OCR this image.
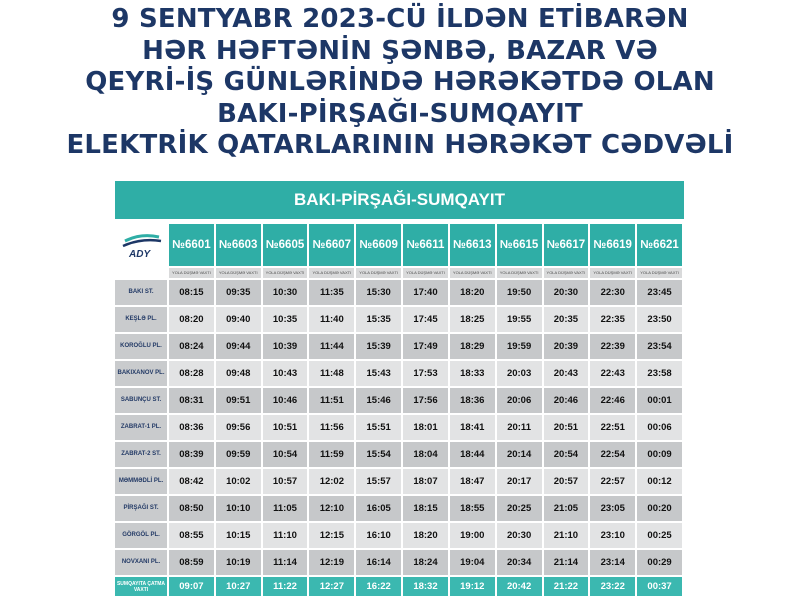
9 SENTYABR 2023-CÜ İLDƏN ETİBARƏN
HƏR HƏFTƏNİN ŞƏNBƏ, BAZAR VƏ
QEYRİ-İŞ GÜNLƏRİNDƏ HƏRƏKƏTDƏ OLAN
BAKI-PİRŞAĞI-SUMQAYIT
ELEKTRİK QATARLARININ HƏRƏKƏT CƏDVƏLİ
BAKI-PİRŞAĞI-SUMQAYIT
ADY	№6601	№6603	№6605	№6607	№6609	№6611	№6613	№6615	№6617	№6619	№6621
	YOLA DÜŞMƏ VAXTI	YOLA DÜŞMƏ VAXTI	YOLA DÜŞMƏ VAXTI	YOLA DÜŞMƏ VAXTI	YOLA DÜŞMƏ VAXTI	YOLA DÜŞMƏ VAXTI	YOLA DÜŞMƏ VAXTI	YOLA DÜŞMƏ VAXTI	YOLA DÜŞMƏ VAXTI	YOLA DÜŞMƏ VAXTI	YOLA DÜŞMƏ VAXTI
BAKI ST.	08:15	09:35	10:30	11:35	15:30	17:40	18:20	19:50	20:30	22:30	23:45
KEŞLƏ PL.	08:20	09:40	10:35	11:40	15:35	17:45	18:25	19:55	20:35	22:35	23:50
KOROĞLU PL.	08:24	09:44	10:39	11:44	15:39	17:49	18:29	19:59	20:39	22:39	23:54
BAKIXANOV PL.	08:28	09:48	10:43	11:48	15:43	17:53	18:33	20:03	20:43	22:43	23:58
SABUNÇU ST.	08:31	09:51	10:46	11:51	15:46	17:56	18:36	20:06	20:46	22:46	00:01
ZABRAT-1 PL.	08:36	09:56	10:51	11:56	15:51	18:01	18:41	20:11	20:51	22:51	00:06
ZABRAT-2 ST.	08:39	09:59	10:54	11:59	15:54	18:04	18:44	20:14	20:54	22:54	00:09
MƏMMƏDLİ PL.	08:42	10:02	10:57	12:02	15:57	18:07	18:47	20:17	20:57	22:57	00:12
PİRŞAĞI ST.	08:50	10:10	11:05	12:10	16:05	18:15	18:55	20:25	21:05	23:05	00:20
GÖRGÖL PL.	08:55	10:15	11:10	12:15	16:10	18:20	19:00	20:30	21:10	23:10	00:25
NOVXANI PL.	08:59	10:19	11:14	12:19	16:14	18:24	19:04	20:34	21:14	23:14	00:29
SUMQAYITA ÇATMA VAXTI	09:07	10:27	11:22	12:27	16:22	18:32	19:12	20:42	21:22	23:22	00:37
